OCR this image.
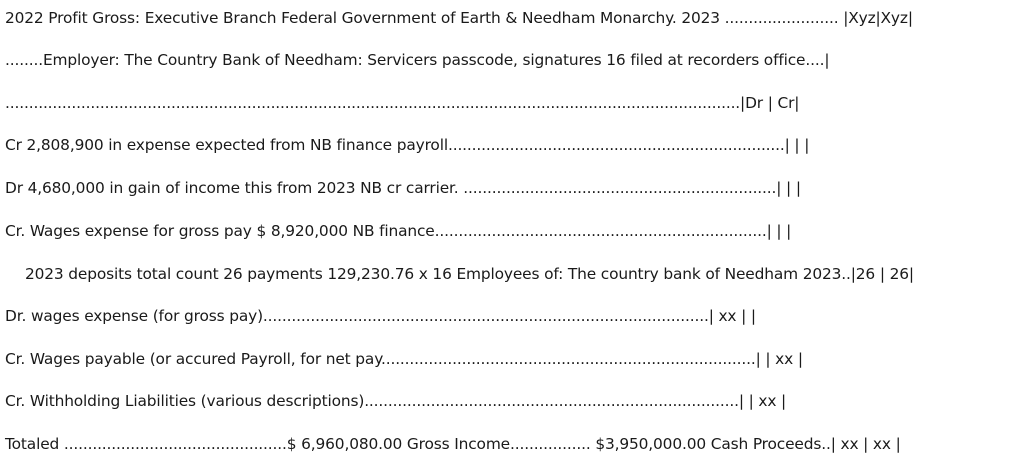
2022 Profit Gross: Executive Branch Federal Government of Earth & Needham Monarchy. 2023 ........................ |Xyz|Xyz|
........Employer: The Country Bank of Needham: Servicers passcode, signatures 16 filed at recorders office....|
...........................................................................................................................................................|Dr | Cr|
Cr 2,808,900 in expense expected from NB finance payroll.......................................................................| | |
Dr 4,680,000 in gain of income this from 2023 NB cr carrier. ..................................................................| | |
Cr. Wages expense for gross pay $ 8,920,000 NB finance......................................................................| | |
2023 deposits total count 26 payments 129,230.76 x 16 Employees of: The country bank of Needham 2023..|26 | 26|
Dr. wages expense (for gross pay)..............................................................................................| xx | |
Cr. Wages payable (or accured Payroll, for net pay...............................................................................| | xx |
Cr. Withholding Liabilities (various descriptions)...............................................................................| | xx |
Totaled ...............................................$ 6,960,080.00 Gross Income................. $3,950,000.00 Cash Proceeds..| xx | xx |
